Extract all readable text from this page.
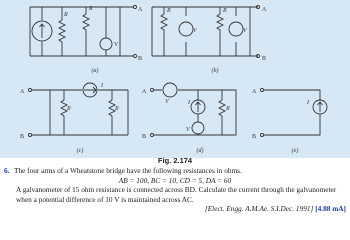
R
R
V
A
B
(a)
R
V
R
V
A
B
(b)
A
B
I
R	R
(c)
A
B
V	I
V
R
(d)
A
B
I
(e)
Fig. 2.174

6. The four arms of a Wheatstone bridge have the following resistances in ohms.

AB = 100, BC = 10, CD = 5, DA = 60

A galvanometer of 15 ohm resistance is connected across BD. Calculate the current through the galvanometer when a potential difference of 10 V is maintained across AC.

[Elect. Engg. A.M.Ae. S.I.Dec. 1991] [4.88 mA]
